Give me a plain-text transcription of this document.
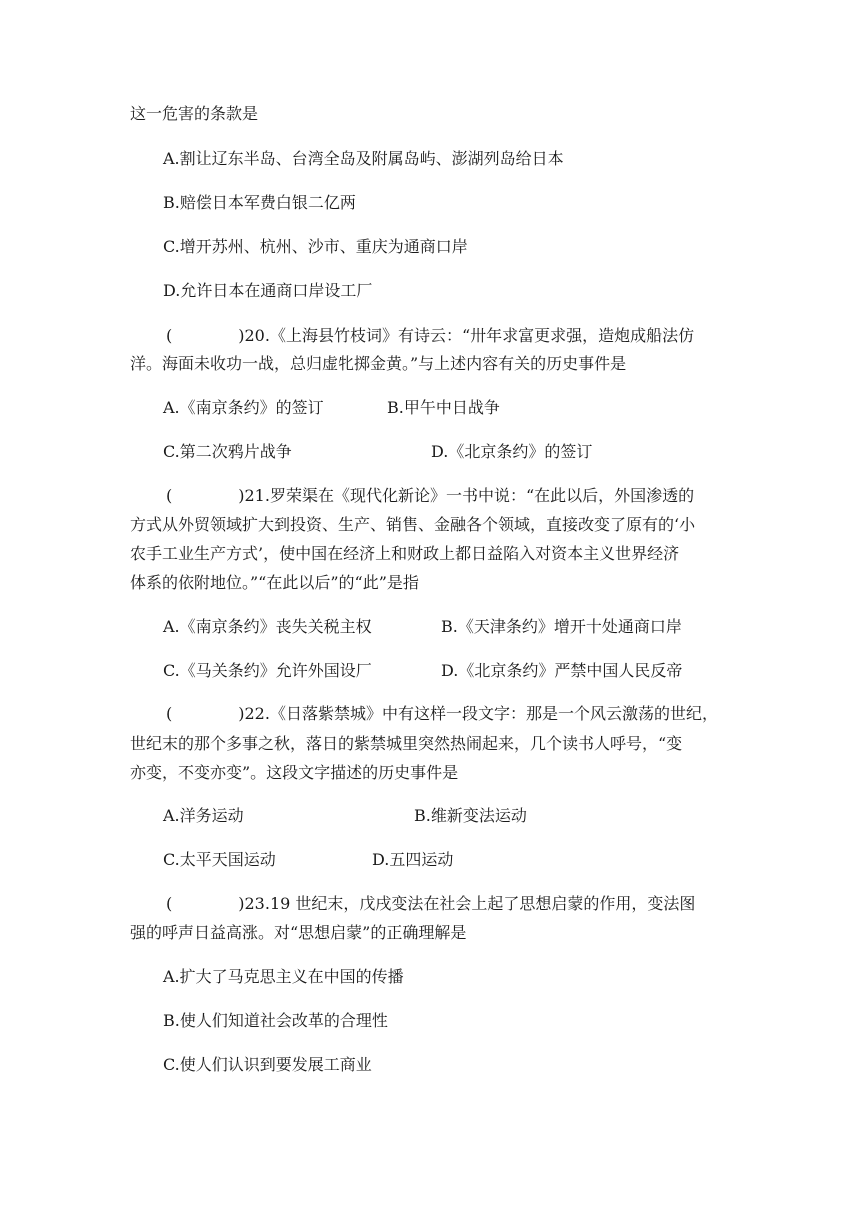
这一危害的条款是
A.割让辽东半岛、台湾全岛及附属岛屿、澎湖列岛给日本
B.赔偿日本军费白银二亿两
C.增开苏州、杭州、沙市、重庆为通商口岸
D.允许日本在通商口岸设工厂
(	)20.《上海县竹枝词》有诗云：“卅年求富更求强，造炮成船法仿
洋。海面未收功一战，总归虚牝掷金黄。”与上述内容有关的历史事件是
A.《南京条约》的签订	B.甲午中日战争
C.第二次鸦片战争	D.《北京条约》的签订
(	)21.罗荣渠在《现代化新论》一书中说：“在此以后，外国渗透的
方式从外贸领域扩大到投资、生产、销售、金融各个领域，直接改变了原有的‘小
农手工业生产方式’，使中国在经济上和财政上都日益陷入对资本主义世界经济
体系的依附地位。”“在此以后”的“此”是指
A.《南京条约》丧失关税主权	B.《天津条约》增开十处通商口岸
C.《马关条约》允许外国设厂	D.《北京条约》严禁中国人民反帝
(	)22.《日落紫禁城》中有这样一段文字：那是一个风云激荡的世纪，
世纪末的那个多事之秋，落日的紫禁城里突然热闹起来，几个读书人呼号，“变
亦变，不变亦变”。这段文字描述的历史事件是
A.洋务运动	B.维新变法运动
C.太平天国运动	D.五四运动
(	)23.19 世纪末，戊戌变法在社会上起了思想启蒙的作用，变法图
强的呼声日益高涨。对“思想启蒙”的正确理解是
A.扩大了马克思主义在中国的传播
B.使人们知道社会改革的合理性
C.使人们认识到要发展工商业
